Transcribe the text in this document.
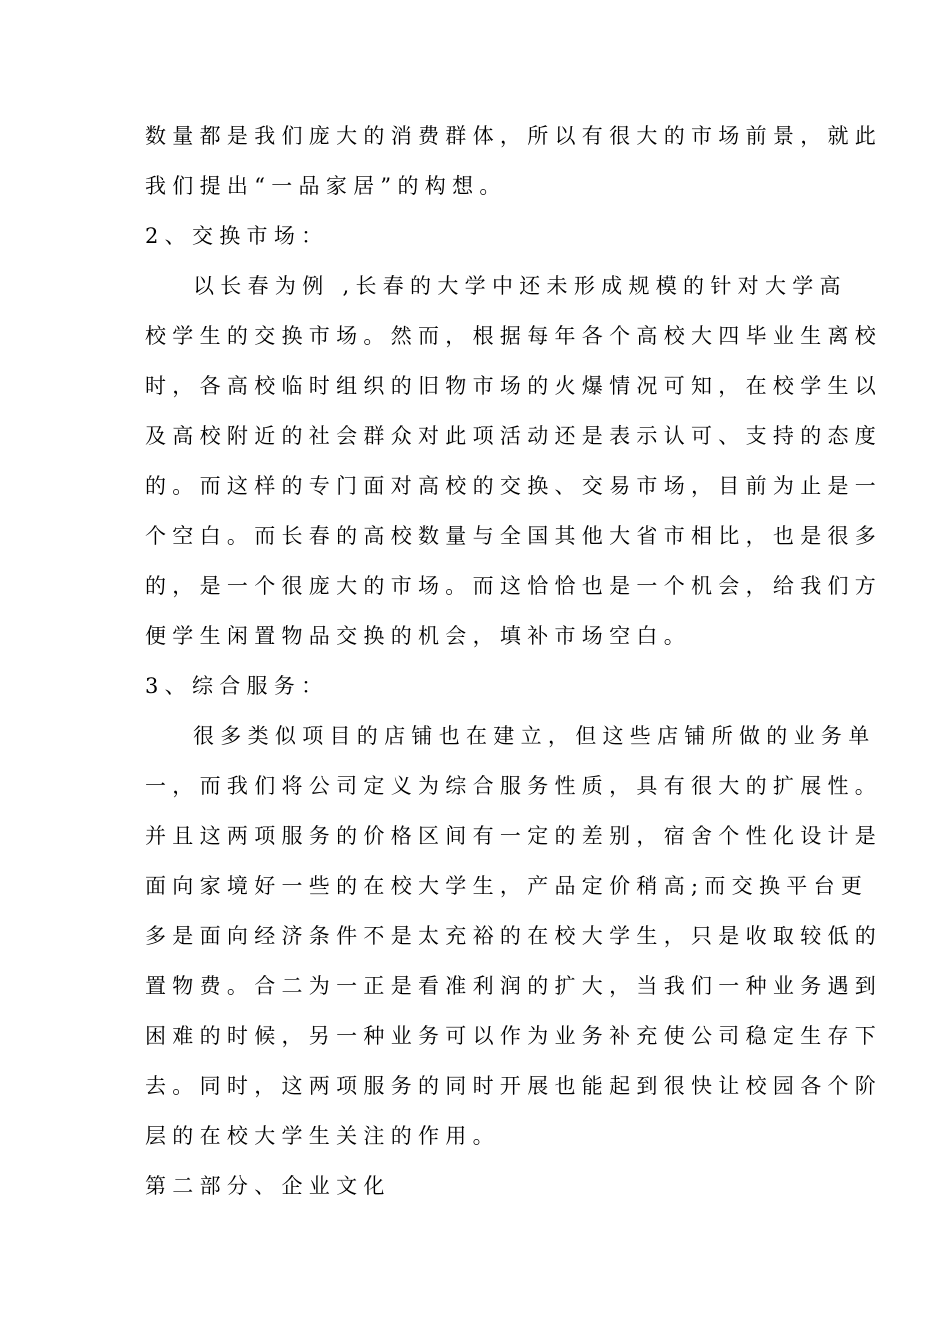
数量都是我们庞大的消费群体，所以有很大的市场前景，就此
我们提出“一品家居”的构想。
2、交换市场：
以长春为例 ,长春的大学中还未形成规模的针对大学高
校学生的交换市场。然而，根据每年各个高校大四毕业生离校
时，各高校临时组织的旧物市场的火爆情况可知，在校学生以
及高校附近的社会群众对此项活动还是表示认可、支持的态度
的。而这样的专门面对高校的交换、交易市场，目前为止是一
个空白。而长春的高校数量与全国其他大省市相比，也是很多
的，是一个很庞大的市场。而这恰恰也是一个机会，给我们方
便学生闲置物品交换的机会，填补市场空白。
3、综合服务：
很多类似项目的店铺也在建立，但这些店铺所做的业务单
一，而我们将公司定义为综合服务性质，具有很大的扩展性。
并且这两项服务的价格区间有一定的差别，宿舍个性化设计是
面向家境好一些的在校大学生，产品定价稍高;而交换平台更
多是面向经济条件不是太充裕的在校大学生，只是收取较低的
置物费。合二为一正是看准利润的扩大，当我们一种业务遇到
困难的时候，另一种业务可以作为业务补充使公司稳定生存下
去。同时，这两项服务的同时开展也能起到很快让校园各个阶
层的在校大学生关注的作用。
第二部分、企业文化
